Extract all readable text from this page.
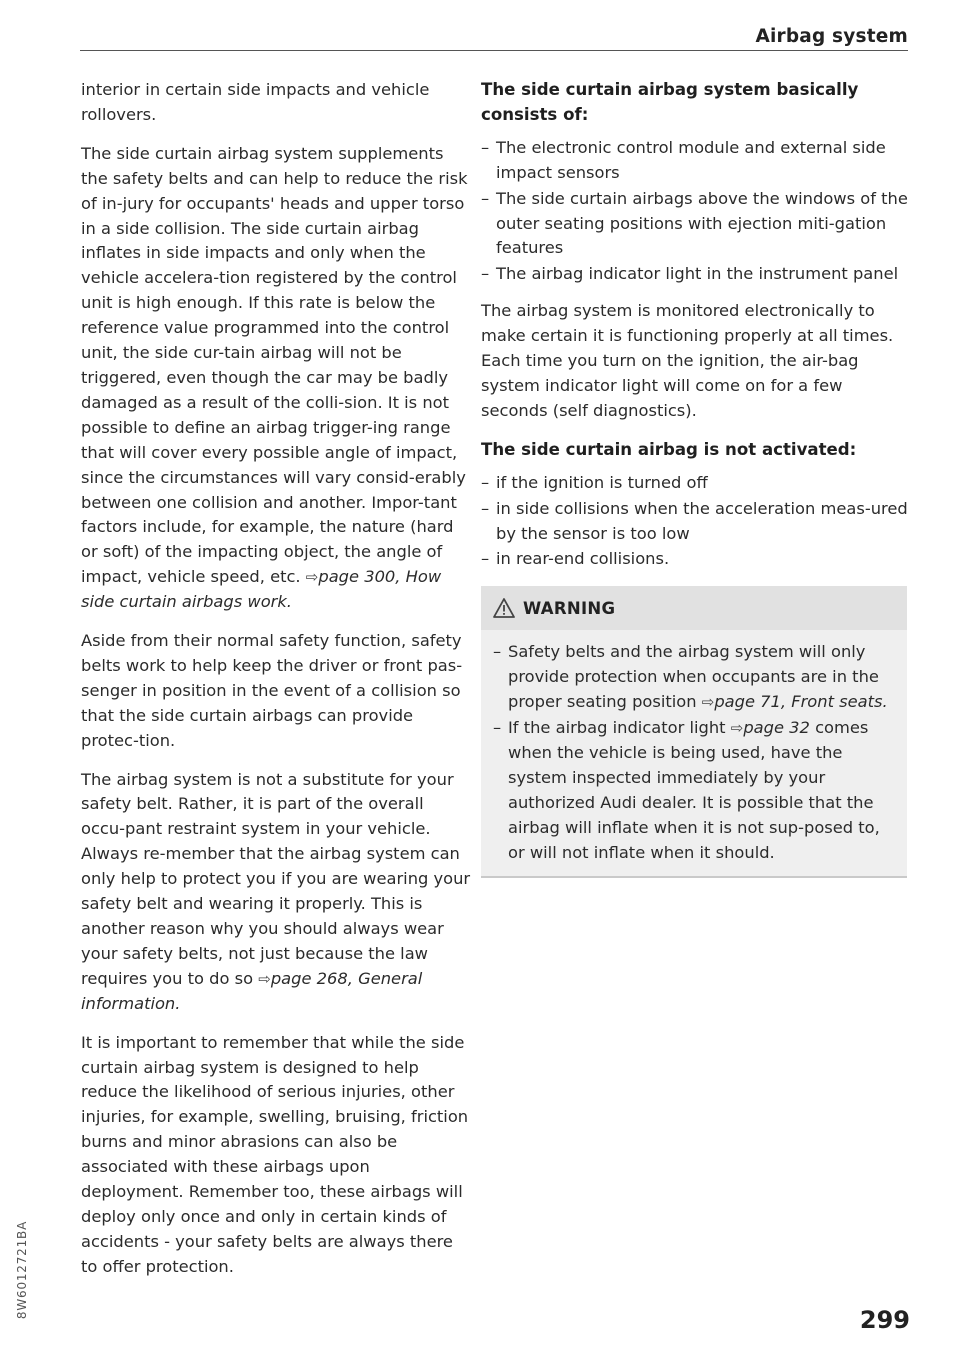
Airbag system

interior in certain side impacts and vehicle rollovers.

The side curtain airbag system supplements the safety belts and can help to reduce the risk of in-jury for occupants' heads and upper torso in a side collision. The side curtain airbag inflates in side impacts and only when the vehicle accelera-tion registered by the control unit is high enough. If this rate is below the reference value programmed into the control unit, the side cur-tain airbag will not be triggered, even though the car may be badly damaged as a result of the colli-sion. It is not possible to define an airbag trigger-ing range that will cover every possible angle of impact, since the circumstances will vary consid-erably between one collision and another. Impor-tant factors include, for example, the nature (hard or soft) of the impacting object, the angle of impact, vehicle speed, etc. ⇨page 300, How side curtain airbags work.

Aside from their normal safety function, safety belts work to help keep the driver or front pas-senger in position in the event of a collision so that the side curtain airbags can provide protec-tion.

The airbag system is not a substitute for your safety belt. Rather, it is part of the overall occu-pant restraint system in your vehicle. Always re-member that the airbag system can only help to protect you if you are wearing your safety belt and wearing it properly. This is another reason why you should always wear your safety belts, not just because the law requires you to do so ⇨page 268, General information.

It is important to remember that while the side curtain airbag system is designed to help reduce the likelihood of serious injuries, other injuries, for example, swelling, bruising, friction burns and minor abrasions can also be associated with these airbags upon deployment. Remember too, these airbags will deploy only once and only in certain kinds of accidents - your safety belts are always there to offer protection.

The side curtain airbag system basically consists of:
– The electronic control module and external side impact sensors
– The side curtain airbags above the windows of the outer seating positions with ejection miti-gation features
– The airbag indicator light in the instrument panel

The airbag system is monitored electronically to make certain it is functioning properly at all times. Each time you turn on the ignition, the air-bag system indicator light will come on for a few seconds (self diagnostics).

The side curtain airbag is not activated:
– if the ignition is turned off
– in side collisions when the acceleration meas-ured by the sensor is too low
– in rear-end collisions.
WARNING
– Safety belts and the airbag system will only provide protection when occupants are in the proper seating position ⇨page 71, Front seats.
– If the airbag indicator light ⇨page 32 comes when the vehicle is being used, have the system inspected immediately by your authorized Audi dealer. It is possible that the airbag will inflate when it is not sup-posed to, or will not inflate when it should.
8W6012721BA

299
